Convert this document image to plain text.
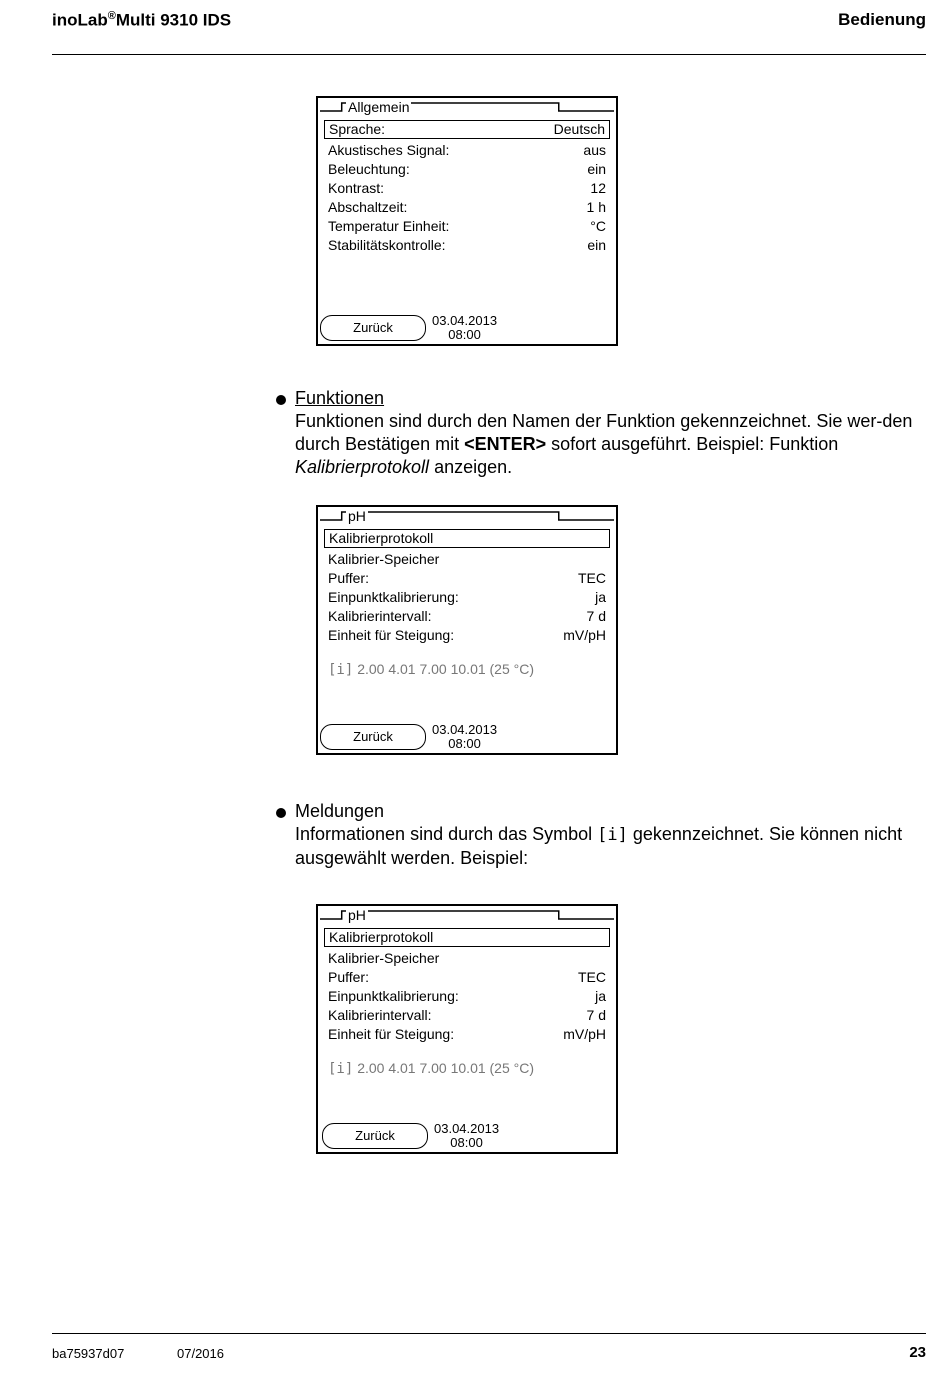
inoLab®Multi 9310 IDS	Bedienung
Allgemein
Sprache:	Deutsch
Akustisches Signal:	aus
Beleuchtung:	ein
Kontrast:	12
Abschaltzeit:	1 h
Temperatur Einheit:	°C
Stabilitätskontrolle:	ein
Zurück	03.04.2013
08:00
Funktionen
Funktionen sind durch den Namen der Funktion gekennzeichnet. Sie wer-den durch Bestätigen mit <ENTER> sofort ausgeführt. Beispiel: Funktion Kalibrierprotokoll anzeigen.
pH
Kalibrierprotokoll
Kalibrier-Speicher
Puffer:	TEC
Einpunktkalibrierung:	ja
Kalibrierintervall:	7 d
Einheit für Steigung:	mV/pH
[i] 2.00 4.01 7.00 10.01 (25 °C)
Zurück	03.04.2013
08:00
Meldungen
Informationen sind durch das Symbol [i] gekennzeichnet. Sie können nicht ausgewählt werden. Beispiel:
pH
Kalibrierprotokoll
Kalibrier-Speicher
Puffer:	TEC
Einpunktkalibrierung:	ja
Kalibrierintervall:	7 d
Einheit für Steigung:	mV/pH
[i] 2.00 4.01 7.00 10.01 (25 °C)
Zurück	03.04.2013
08:00
ba75937d07	07/2016	23
